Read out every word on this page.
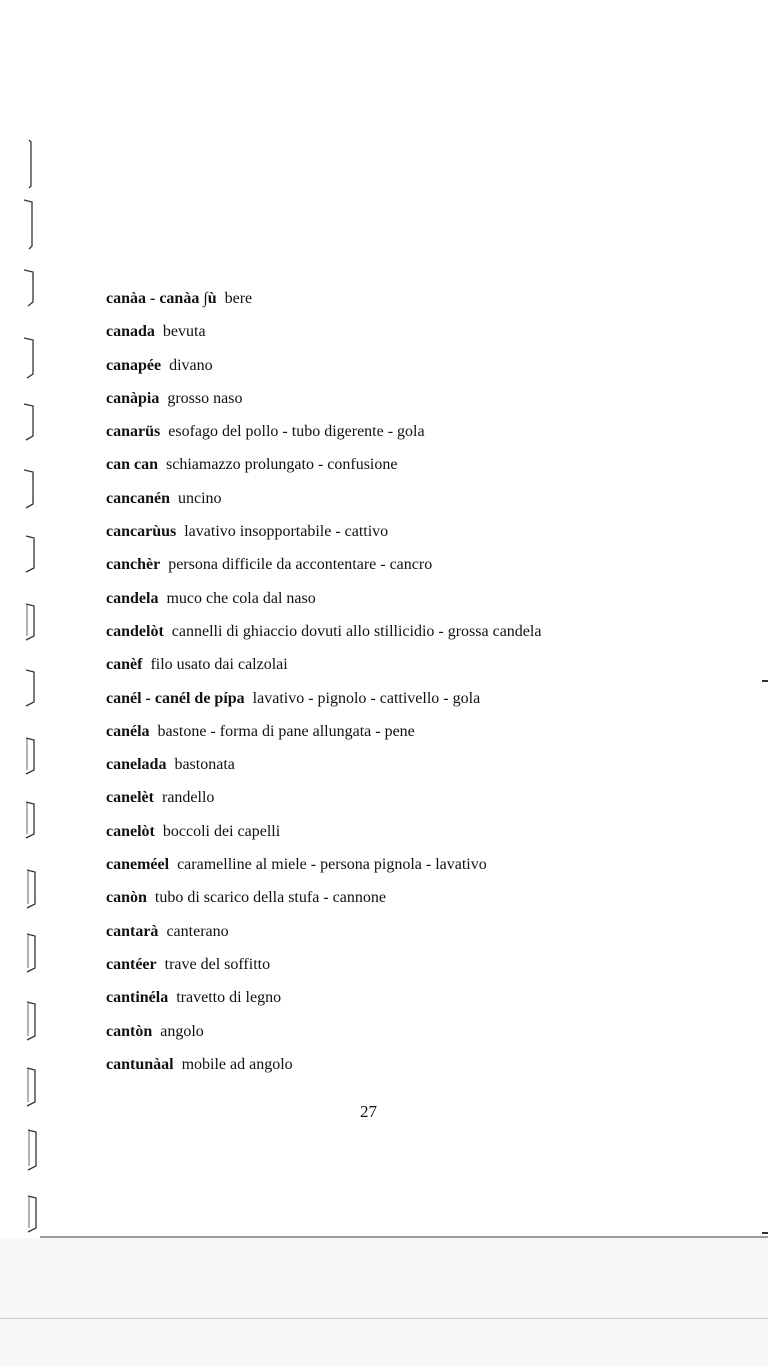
canàa - canàa ∫ù bere
canada bevuta
canapée divano
canàpia grosso naso
canarüs esofago del pollo - tubo digerente - gola
can can schiamazzo prolungato - confusione
cancanén uncino
cancarùus lavativo insopportabile - cattivo
canchèr persona difficile da accontentare - cancro
candela muco che cola dal naso
candelòt cannelli di ghiaccio dovuti allo stillicidio - grossa candela
canèf filo usato dai calzolai
canél - canél de pípa lavativo - pignolo - cattivello - gola
canéla bastone - forma di pane allungata - pene
canelada bastonata
canelèt randello
canelòt boccoli dei capelli
caneméel caramelline al miele - persona pignola - lavativo
canòn tubo di scarico della stufa - cannone
cantarà canterano
cantéer trave del soffitto
cantinéla travetto di legno
cantòn angolo
cantunàal mobile ad angolo
27
